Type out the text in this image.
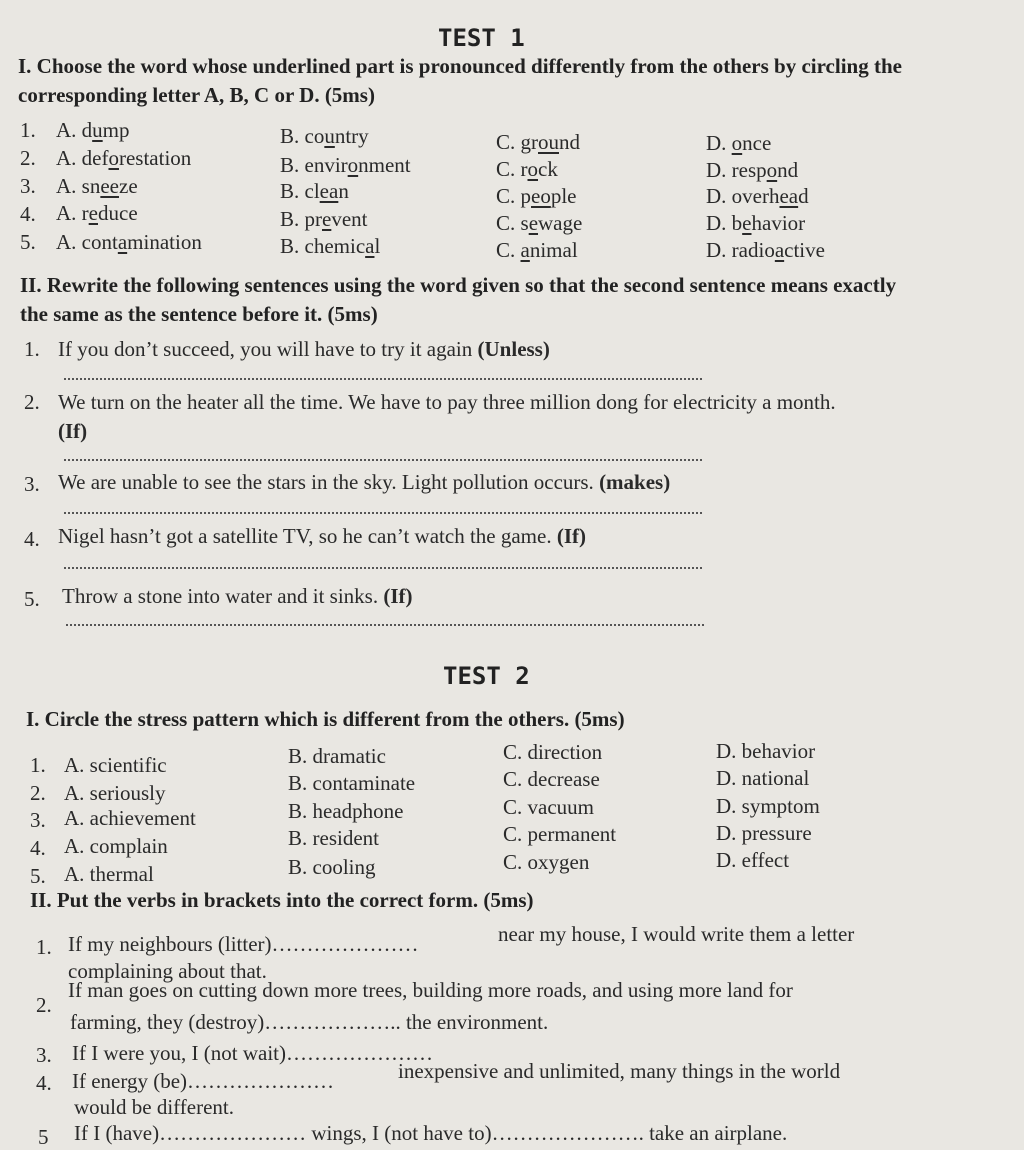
TEST 1
I. Choose the word whose underlined part is pronounced differently from the others by circling the corresponding letter A, B, C or D. (5ms)
1. A. dump	B. country	C. ground	D. once
2. A. deforestation	B. environment	C. rock	D. respond
3. A. sneeze	B. clean	C. people	D. overhead
4. A. reduce	B. prevent	C. sewage	D. behavior
5. A. contamination	B. chemical	C. animal	D. radioactive
II. Rewrite the following sentences using the word given so that the second sentence means exactly the same as the sentence before it. (5ms)
1. If you don’t succeed, you will have to try it again (Unless)
2. We turn on the heater all the time. We have to pay three million dong for electricity a month.
(If)
3. We are unable to see the stars in the sky. Light pollution occurs. (makes)
4. Nigel hasn’t got a satellite TV, so he can’t watch the game. (If)
5. Throw a stone into water and it sinks. (If)
TEST 2
I. Circle the stress pattern which is different from the others. (5ms)
1. A. scientific	B. dramatic	C. direction	D. behavior
2. A. seriously	B. contaminate	C. decrease	D. national
3. A. achievement	B. headphone	C. vacuum	D. symptom
4. A. complain	B. resident	C. permanent	D. pressure
5. A. thermal	B. cooling	C. oxygen	D. effect
II. Put the verbs in brackets into the correct form. (5ms)
1. If my neighbours (litter)…………………	near my house, I would write them a letter
complaining about that.
2.
If man goes on cutting down more trees, building more roads, and using more land for
farming, they (destroy)……………….. the environment.
3. If I were you, I (not wait)…………………
4. If energy (be)…………………	inexpensive and unlimited, many things in the world
would be different.
5 If I (have)………………… wings, I (not have to)…………………. take an airplane.
